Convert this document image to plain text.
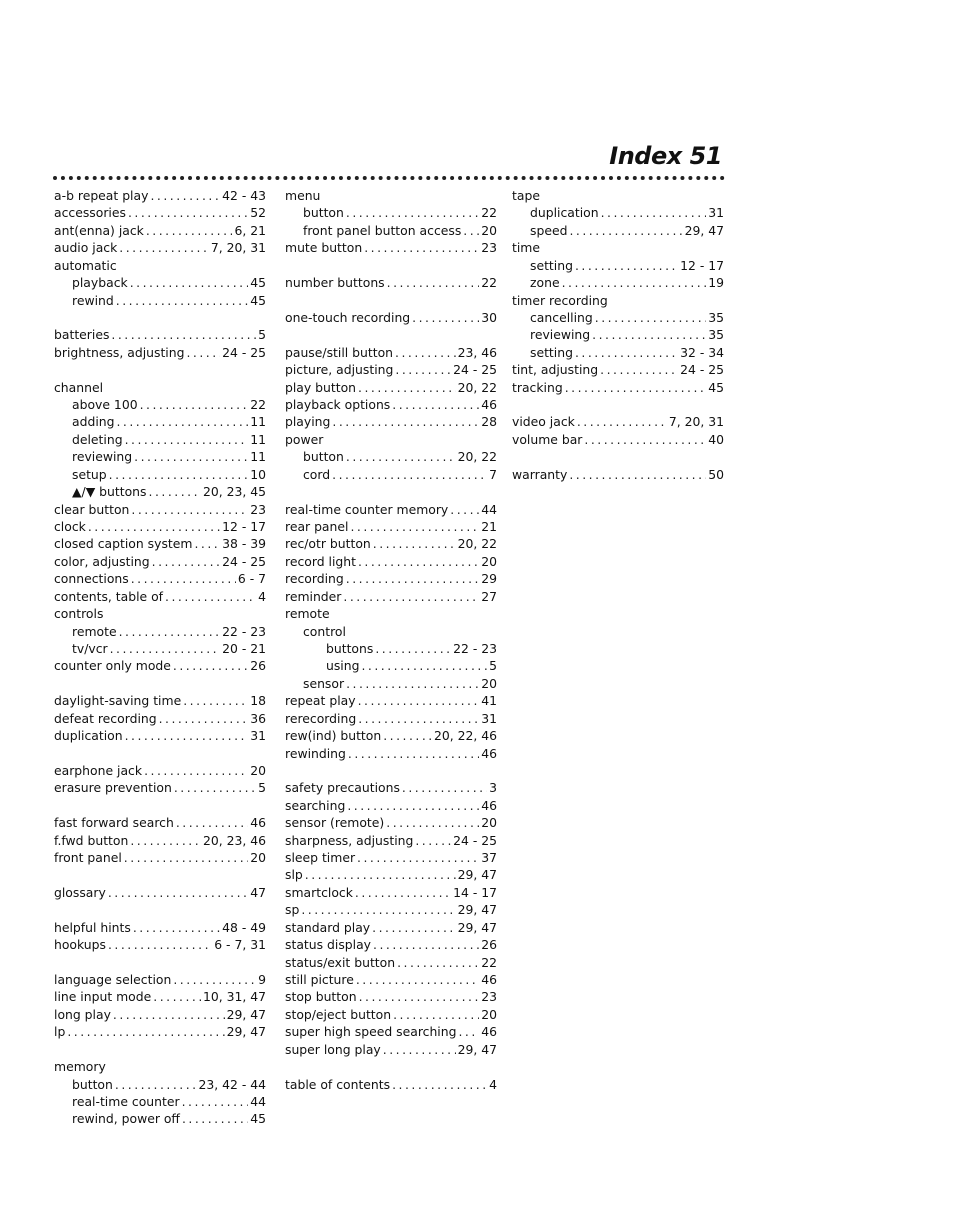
Index 51
a-b repeat play .....	42 - 43
accessories .....	52
ant(enna) jack .....	6, 21
audio jack .....	7, 20, 31
automatic
playback .....	45
rewind .....	45
batteries .....	5
brightness, adjusting .....	24 - 25
channel
above 100 .....	22
adding .....	11
deleting .....	11
reviewing .....	11
setup .....	10
▲/▼ buttons .....	20, 23, 45
clear button .....	23
clock .....	12 - 17
closed caption system ..... 38 - 39
color, adjusting .....	24 - 25
connections .....	6 - 7
contents, table of .....	4
controls
remote .....	22 - 23
tv/vcr .....	20 - 21
counter only mode .....	26
daylight-saving time .....	18
defeat recording .....	36
duplication .....	31
earphone jack .....	20
erasure prevention .....	5
fast forward search .....	46
f.fwd button .....	20, 23, 46
front panel .....	20
glossary .....	47
helpful hints .....	48 - 49
hookups .....	6 - 7, 31
language selection .....	9
line input mode .....	10, 31, 47
long play .....	29, 47
lp .....	29, 47
memory
button .....	23, 42 - 44
real-time counter .....	44
rewind, power off .....	45
menu
button .....	22
front panel button access ..... 20
mute button .....	23
number buttons .....	22
one-touch recording .....	30
pause/still button .....	23, 46
picture, adjusting .....	24 - 25
play button .....	20, 22
playback options .....	46
playing .....	28
power
button .....	20, 22
cord .....	7
real-time counter memory .....	44
rear panel .....	21
rec/otr button .....	20, 22
record light .....	20
recording .....	29
reminder .....	27
remote
control
buttons .....	22 - 23
using .....	5
sensor .....	20
repeat play .....	41
rerecording .....	31
rew(ind) button .....	20, 22, 46
rewinding .....	46
safety precautions .....	3
searching .....	46
sensor (remote) .....	20
sharpness, adjusting .....	24 - 25
sleep timer .....	37
slp .....	29, 47
smartclock .....	14 - 17
sp .....	29, 47
standard play .....	29, 47
status display .....	26
status/exit button .....	22
still picture .....	46
stop button .....	23
stop/eject button .....	20
super high speed searching ..... 46
super long play .....	29, 47
table of contents .....	4
tape
duplication .....	31
speed .....	29, 47
time
setting .....	12 - 17
zone .....	19
timer recording
cancelling .....	35
reviewing .....	35
setting .....	32 - 34
tint, adjusting .....	24 - 25
tracking .....	45
video jack .....	7, 20, 31
volume bar .....	40
warranty .....	50
